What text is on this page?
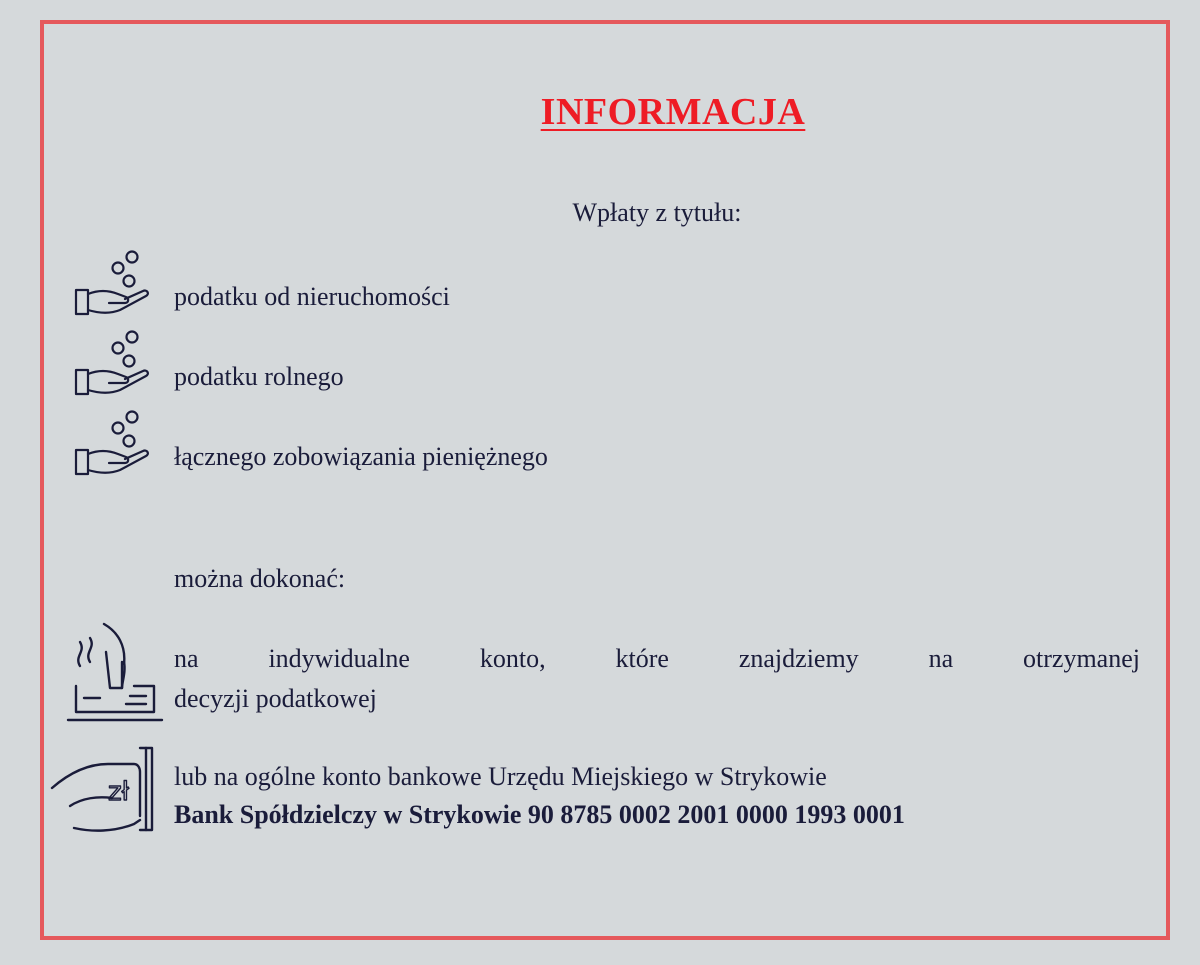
INFORMACJA
Wpłaty z tytułu:
podatku od nieruchomości
podatku rolnego
łącznego zobowiązania pieniężnego
można dokonać:
na indywidualne konto, które znajdziemy na otrzymanej
decyzji podatkowej
zł
lub na ogólne konto bankowe Urzędu Miejskiego w Strykowie
Bank Spółdzielczy w Strykowie 90 8785 0002 2001 0000 1993 0001
